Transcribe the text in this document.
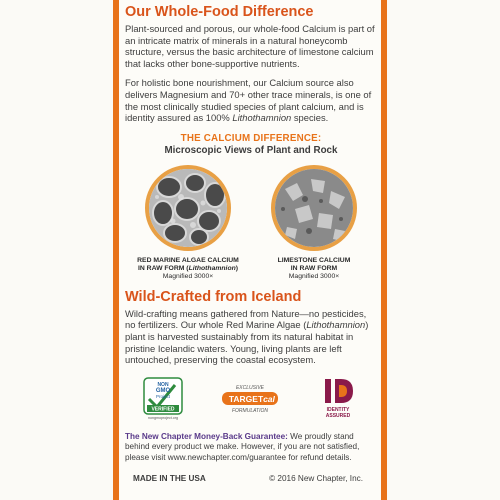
Our Whole-Food Difference

Plant-sourced and porous, our whole-food Calcium is part of an intricate matrix of minerals in a natural honeycomb structure, versus the basic architecture of limestone calcium that lacks other bone-supportive nutrients.

For holistic bone nourishment, our Calcium source also delivers Magnesium and 70+ other trace minerals, is one of the most clinically studied species of plant calcium, and is identity assured as 100% Lithothamnion species.

THE CALCIUM DIFFERENCE:
Microscopic Views of Plant and Rock
RED MARINE ALGAE CALCIUM
IN RAW FORM (Lithothamnion)
Magnified 3000×
LIMESTONE CALCIUM
IN RAW FORM
Magnified 3000×
Wild-Crafted from Iceland

Wild-crafting means gathered from Nature—no pesticides, no fertilizers. Our whole Red Marine Algae (Lithothamnion) plant is harvested sustainably from its natural habitat in pristine Icelandic waters. Young, living plants are left untouched, preserving the coastal ecosystem.

NON
GMO
Project
VERIFIED
nongmoproject.org
EXCLUSIVE
TARGET cal
FORMULATION	IDENTITY
ASSURED
The New Chapter Money-Back Guarantee: We proudly stand behind every product we make. However, if you are not satisfied, please visit www.newchapter.com/guarantee for refund details.
MADE IN THE USA	© 2016 New Chapter, Inc.
